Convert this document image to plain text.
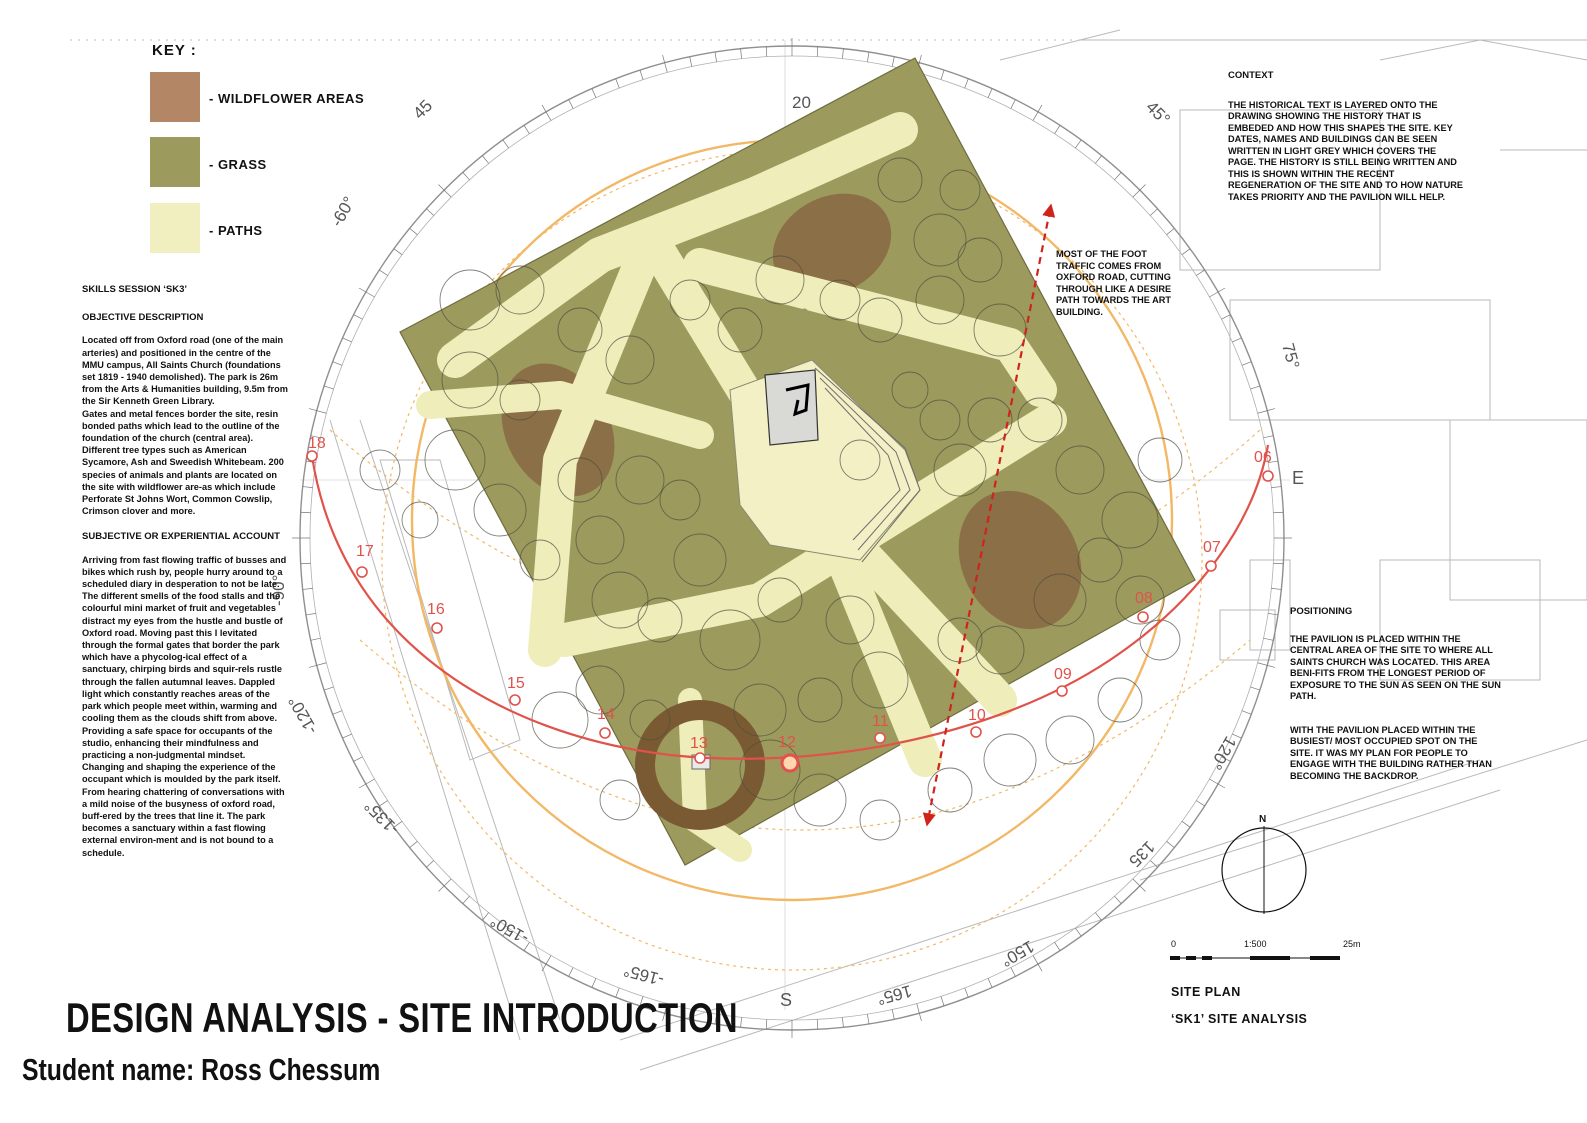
18
17
16
15
14
13	12
11	10
09
08
07
06
20
45	45°
-60°
60
75°
-90°
-120°
120°
-135°
135
-150°
150°
-165°
165°
E
S
N
0	1:500	25m
KEY :
- WILDFLOWER AREAS
- GRASS
- PATHS
SKILLS SESSION ‘SK3’
OBJECTIVE DESCRIPTION

Located off from Oxford road (one of the main arteries) and positioned in the centre of the MMU campus, All Saints Church (foundations set 1819 - 1940 demolished). The park is 26m from the Arts & Humanities building, 9.5m from the Sir Kenneth Green Library.

Gates and metal fences border the site, resin bonded paths which lead to the outline of the foundation of the church (central area). Different tree types such as American Sycamore, Ash and Sweedish Whitebeam. 200 species of animals and plants are located on the site with wildflower are-as which include Perforate St Johns Wort, Common Cowslip, Crimson clover and more.

SUBJECTIVE OR EXPERIENTIAL ACCOUNT

Arriving from fast flowing traffic of busses and bikes which rush by, people hurry around to a scheduled diary in desperation to not be late. The different smells of the food stalls and the colourful mini market of fruit and vegetables distract my eyes from the hustle and bustle of Oxford road. Moving past this I levitated through the formal gates that border the park which have a phycolog-ical effect of a sanctuary, chirping birds and squir-rels rustle through the fallen autumnal leaves. Dappled light which constantly reaches areas of the park which people meet within, warming and cooling them as the clouds shift from above. Providing a safe space for occupants of the studio, enhancing their mindfulness and practicing a non-judgmental mindset. Changing and shaping the experience of the occupant which is moulded by the park itself. From hearing chattering of conversations with a mild noise of the busyness of oxford road, buff-ered by the trees that line it. The park becomes a sanctuary within a fast flowing external environ-ment and is not bound to a schedule.

CONTEXT
THE HISTORICAL TEXT IS LAYERED ONTO THE DRAWING SHOWING THE HISTORY THAT IS EMBEDED AND HOW THIS SHAPES THE SITE. KEY DATES, NAMES AND BUILDINGS CAN BE SEEN WRITTEN IN LIGHT GREY WHICH COVERS THE PAGE. THE HISTORY IS STILL BEING WRITTEN AND THIS IS SHOWN WITHIN THE RECENT REGENERATION OF THE SITE AND TO HOW NATURE TAKES PRIORITY AND THE PAVILION WILL HELP.
MOST OF THE FOOT TRAFFIC COMES FROM OXFORD ROAD, CUTTING THROUGH LIKE A DESIRE PATH TOWARDS THE ART BUILDING.
POSITIONING
THE PAVILION IS PLACED WITHIN THE CENTRAL AREA OF THE SITE TO WHERE ALL SAINTS CHURCH WAS LOCATED. THIS AREA BENI-FITS FROM THE LONGEST PERIOD OF EXPOSURE TO THE SUN AS SEEN ON THE SUN PATH.
WITH THE PAVILION PLACED WITHIN THE BUSIEST/ MOST OCCUPIED SPOT ON THE SITE. IT WAS MY PLAN FOR PEOPLE TO ENGAGE WITH THE BUILDING RATHER THAN BECOMING THE BACKDROP.
SITE PLAN
‘SK1’ SITE ANALYSIS
DESIGN ANALYSIS - SITE INTRODUCTION
Student name: Ross Chessum
